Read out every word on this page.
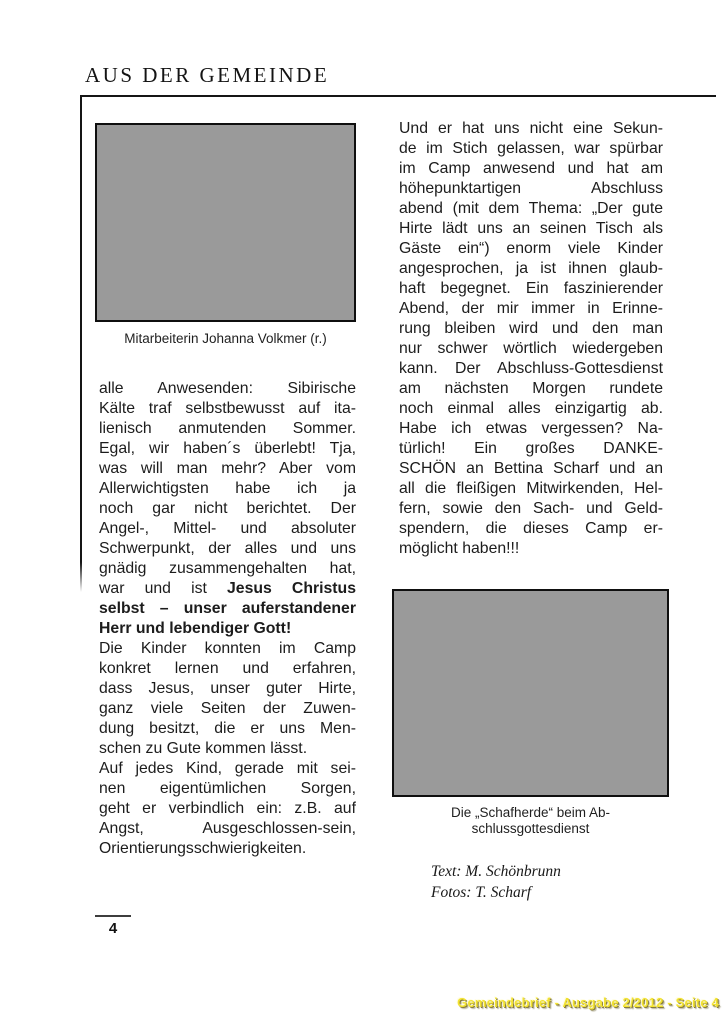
AUS DER GEMEINDE
Mitarbeiterin Johanna Volkmer (r.)
alle Anwesenden: Sibirische
Kälte traf selbstbewusst auf ita-
lienisch anmutenden Sommer.
Egal, wir haben´s überlebt! Tja,
was will man mehr? Aber vom
Allerwichtigsten habe ich ja
noch gar nicht berichtet. Der
Angel-, Mittel- und absoluter
Schwerpunkt, der alles und uns
gnädig zusammengehalten hat,
war und ist Jesus Christus
selbst – unser auferstandener
Herr und lebendiger Gott!
Die Kinder konnten im Camp
konkret lernen und erfahren,
dass Jesus, unser guter Hirte,
ganz viele Seiten der Zuwen-
dung besitzt, die er uns Men-
schen zu Gute kommen lässt.
Auf jedes Kind, gerade mit sei-
nen eigentümlichen Sorgen,
geht er verbindlich ein: z.B. auf
Angst, Ausgeschlossen-sein,
Orientierungsschwierigkeiten.
Und er hat uns nicht eine Sekun-
de im Stich gelassen, war spürbar
im Camp anwesend und hat am
höhepunktartigen Abschluss
abend (mit dem Thema: „Der gute
Hirte lädt uns an seinen Tisch als
Gäste ein“) enorm viele Kinder
angesprochen, ja ist ihnen glaub-
haft begegnet. Ein faszinierender
Abend, der mir immer in Erinne-
rung bleiben wird und den man
nur schwer wörtlich wiedergeben
kann. Der Abschluss-Gottesdienst
am nächsten Morgen rundete
noch einmal alles einzigartig ab.
Habe ich etwas vergessen? Na-
türlich! Ein großes DANKE-
SCHÖN an Bettina Scharf und an
all die fleißigen Mitwirkenden, Hel-
fern, sowie den Sach- und Geld-
spendern, die dieses Camp er-
möglicht haben!!!
Die „Schafherde“ beim Ab-
schlussgottesdienst
Text: M. Schönbrunn
Fotos: T. Scharf
4
Gemeindebrief - Ausgabe 2/2012 - Seite 4
